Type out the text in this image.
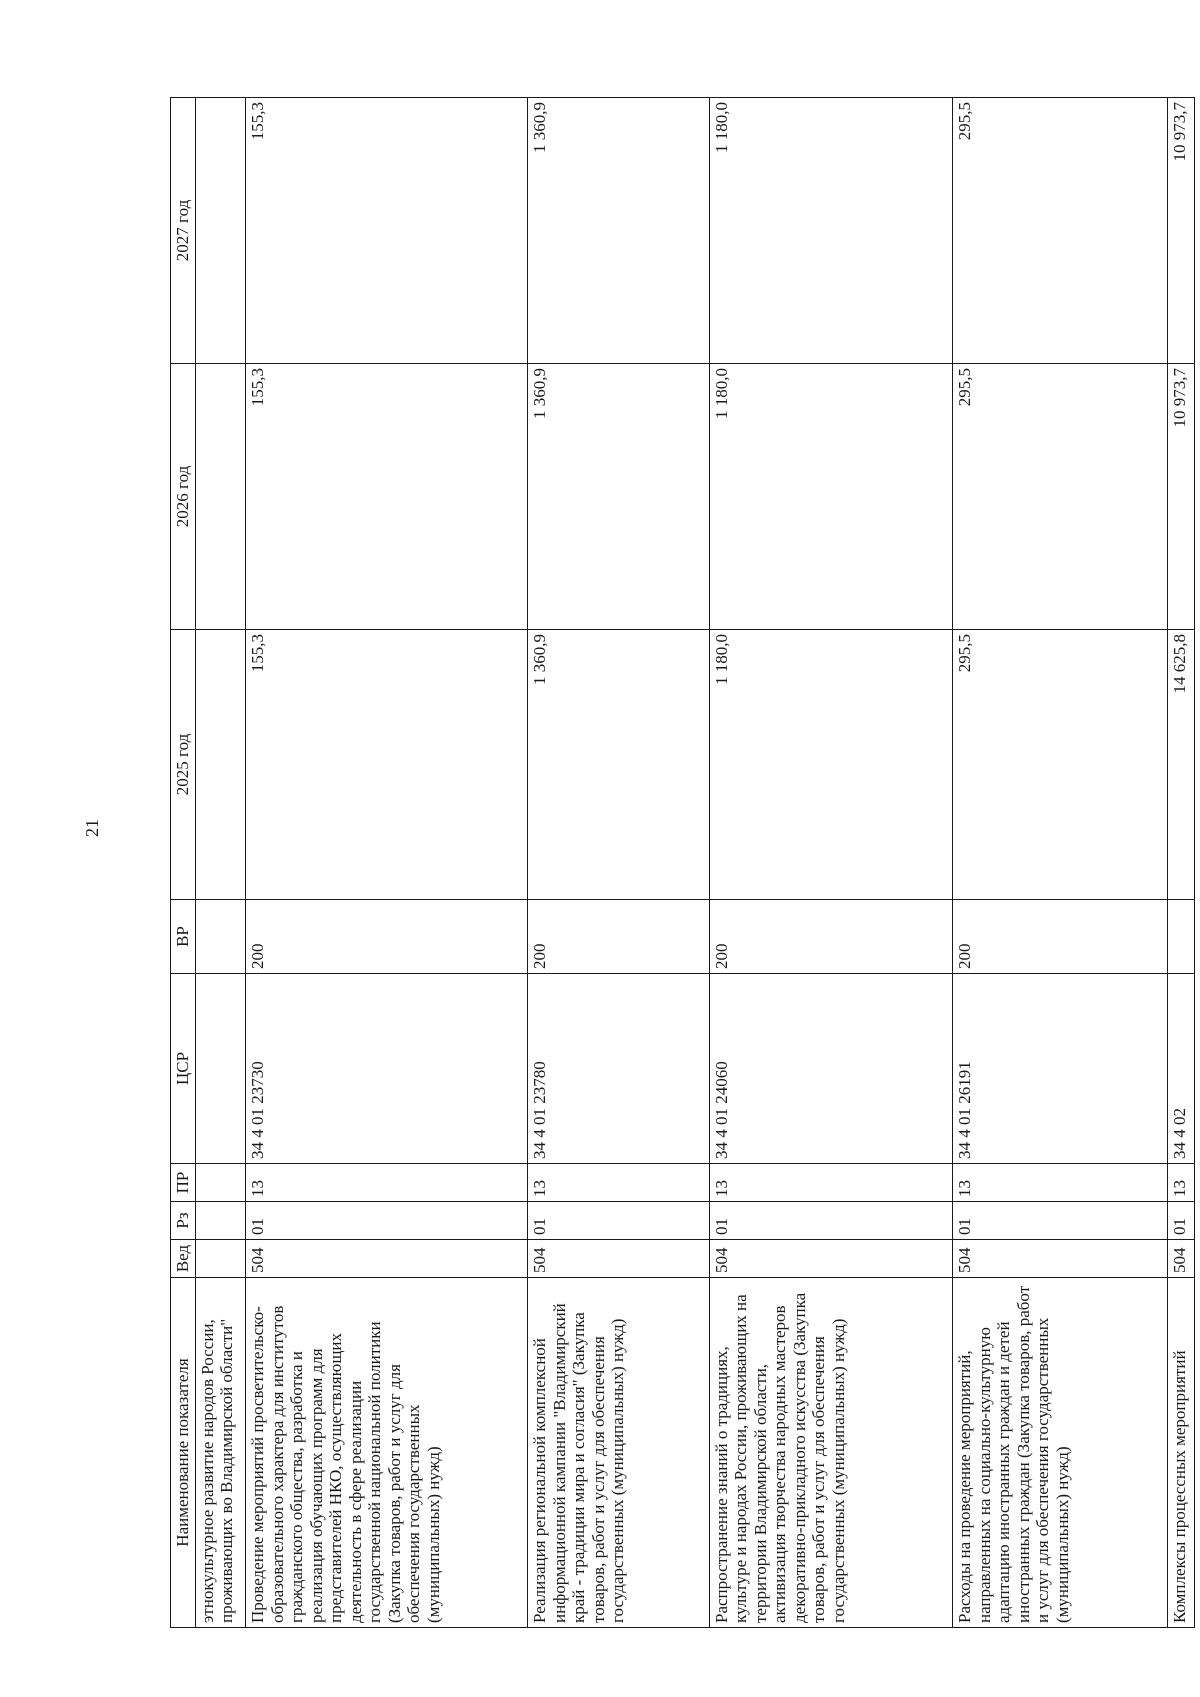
21
Наименование показателя	Вед	Рз	ПР	ЦСР	ВР	2025 год	2026 год	2027 год
этнокультурное развитие народов России, проживающих во Владимирской области"								
Проведение мероприятий просветительско-образовательного характера для институтов гражданского общества, разработка и реализация обучающих программ для представителей НКО, осуществляющих деятельность в сфере реализации государственной национальной политики (Закупка товаров, работ и услуг для обеспечения государственных (муниципальных) нужд)	504	01	13	34 4 01 23730	200	155,3	155,3	155,3
Реализация региональной комплексной информационной кампании "Владимирский край - традиции мира и согласия" (Закупка товаров, работ и услуг для обеспечения государственных (муниципальных) нужд)	504	01	13	34 4 01 23780	200	1 360,9	1 360,9	1 360,9
Распространение знаний о традициях, культуре и народах России, проживающих на территории Владимирской области, активизация творчества народных мастеров декоративно-прикладного искусства (Закупка товаров, работ и услуг для обеспечения государственных (муниципальных) нужд)	504	01	13	34 4 01 24060	200	1 180,0	1 180,0	1 180,0
Расходы на проведение мероприятий, направленных на социально-культурную адаптацию иностранных граждан и детей иностранных граждан (Закупка товаров, работ и услуг для обеспечения государственных (муниципальных) нужд)	504	01	13	34 4 01 26191	200	295,5	295,5	295,5
Комплексы процессных мероприятий	504	01	13	34 4 02		14 625,8	10 973,7	10 973,7
